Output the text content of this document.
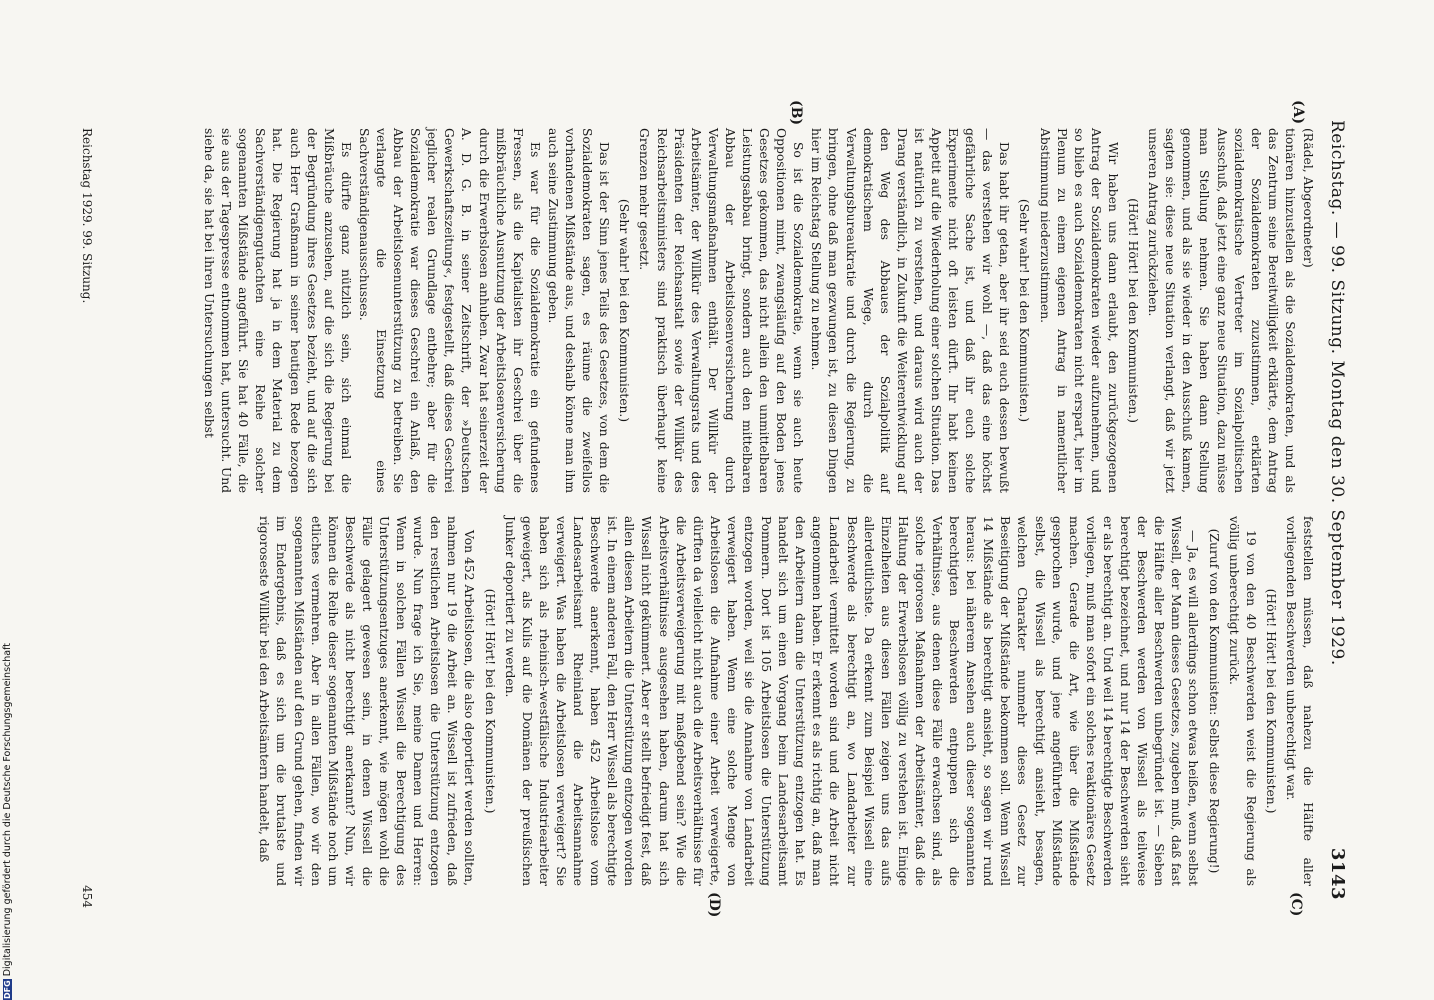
Reichstag. — 99. Sitzung. Montag den 30. September 1929.
3143
(A)
(B)
(C)
(D)

(Rädel, Abgeordneter)

tionären hinzustellen als die Sozialdemokraten, und als das Zentrum seine Bereitwilligkeit erklärte, dem Antrag der Sozialdemokraten zuzustimmen, erklärten sozialdemokratische Vertreter im Sozialpolitischen Ausschuß, daß jetzt eine ganz neue Situation, dazu müsse man Stellung nehmen. Sie haben dann Stellung genommen, und als sie wieder in den Ausschuß kamen, sagten sie: diese neue Situation verlangt, daß wir jetzt unseren Antrag zurückziehen.

(Hört! Hört! bei den Kommunisten.)

Wir haben uns dann erlaubt, den zurückgezogenen Antrag der Sozialdemokraten wieder aufzunehmen, und so blieb es auch Sozialdemokraten nicht erspart, hier im Plenum zu einem eigenen Antrag in namentlicher Abstimmung niederzustimmen.

(Sehr wahr! bei den Kommunisten.)

Das habt ihr getan, aber ihr seid euch dessen bewußt — das verstehen wir wohl —, daß das eine höchst gefährliche Sache ist, und daß ihr euch solche Experimente nicht oft leisten dürft. Ihr habt keinen Appetit auf die Wiederholung einer solchen Situation. Das ist natürlich zu verstehen, und daraus wird auch der Drang verständlich, in Zukunft die Weiterentwicklung auf den Weg des Abbaues der Sozialpolitik auf demokratischem Wege, durch die Verwaltungsbureaukratie und durch die Regierung, zu bringen, ohne daß man gezwungen ist, zu diesen Dingen hier im Reichstag Stellung zu nehmen.

So ist die Sozialdemokratie, wenn sie auch heute Oppositionen mimt, zwangsläufig auf den Boden jenes Gesetzes gekommen, das nicht allein den unmittelbaren Leistungsabbau bringt, sondern auch den mittelbaren Abbau der Arbeitslosenversicherung durch Verwaltungsmaßnahmen enthält. Der Willkür der Arbeitsämter, der Willkür des Verwaltungsrats und des Präsidenten der Reichsanstalt sowie der Willkür des Reichsarbeitsministers sind praktisch überhaupt keine Grenzen mehr gesetzt.

(Sehr wahr! bei den Kommunisten.)

Das ist der Sinn jenes Teils des Gesetzes, von dem die Sozialdemokraten sagen, es räume die zweifellos vorhandenen Mißstände aus, und deshalb könne man ihm auch seine Zustimmung geben.

Es war für die Sozialdemokratie ein gefundenes Fressen, als die Kapitalisten ihr Geschrei über die mißbräuchliche Ausnutzung der Arbeitslosenversicherung durch die Erwerbslosen anhuben. Zwar hat seinerzeit der A. D. G. B. in seiner Zeitschrift, der »Deutschen Gewerkschaftszeitung«, festgestellt, daß dieses Geschrei jeglicher realen Grundlage entbehre; aber für die Sozialdemokratie war dieses Geschrei ein Anlaß, den Abbau der Arbeitslosenunterstützung zu betreiben. Sie verlangte die Einsetzung eines Sachverständigenausschusses.

Es dürfte ganz nützlich sein, sich einmal die Mißbräuche anzusehen, auf die sich die Regierung bei der Begründung ihres Gesetzes bezieht, und auf die sich auch Herr Graßmann in seiner heutigen Rede bezogen hat. Die Regierung hat ja in dem Material zu dem Sachverständigengutachten eine Reihe solcher sogenannten Mißstände angeführt. Sie hat 40 Fälle, die sie aus der Tagespresse entnommen hat, untersucht. Und siehe da, sie hat bei ihren Untersuchungen selbst

feststellen müssen, daß nahezu die Hälfte aller vorliegenden Beschwerden unberechtigt war.

(Hört! Hört! bei den Kommunisten.)

19 von den 40 Beschwerden weist die Regierung als völlig unberechtigt zurück.

(Zuruf von den Kommunisten: Selbst diese Regierung!)

— Ja, es will allerdings schon etwas heißen, wenn selbst Wissell, der Mann dieses Gesetzes, zugeben muß, daß fast die Hälfte aller Beschwerden unbegründet ist. — Sieben der Beschwerden werden von Wissell als teilweise berechtigt bezeichnet, und nur 14 der Beschwerden sieht er als berechtigt an. Und weil 14 berechtigte Beschwerden vorliegen, muß man sofort ein solches reaktionäres Gesetz machen. Gerade die Art, wie über die Mißstände gesprochen wurde, und jene angeführten Mißstände selbst, die Wissell als berechtigt ansieht, besagen, welchen Charakter nunmehr dieses Gesetz zur Beseitigung der Mißstände bekommen soll. Wenn Wissell 14 Mißstände als berechtigt ansieht, so sagen wir rund heraus: bei näherem Ansehen auch dieser sogenannten berechtigten Beschwerden entpuppen sich die Verhältnisse, aus denen diese Fälle erwachsen sind, als solche rigorosen Maßnahmen der Arbeitsämter, daß die Haltung der Erwerbslosen völlig zu verstehen ist. Einige Einzelheiten aus diesen Fällen zeigen uns das aufs allerdeutlichste. Da erkennt zum Beispiel Wissell eine Beschwerde als berechtigt an, wo Landarbeiter zur Landarbeit vermittelt worden sind und die Arbeit nicht angenommen haben. Er erkennt es als richtig an, daß man den Arbeitern dann die Unterstützung entzogen hat. Es handelt sich um einen Vorgang beim Landesarbeitsamt Pommern. Dort ist 105 Arbeitslosen die Unterstützung entzogen worden, weil sie die Annahme von Landarbeit verweigert haben. Wenn eine solche Menge von Arbeitslosen die Aufnahme einer Arbeit verweigerte, dürften da vielleicht nicht auch die Arbeitsverhältnisse für die Arbeitsverweigerung mit maßgebend sein? Wie die Arbeitsverhältnisse ausgesehen haben, darum hat sich Wissell nicht gekümmert. Aber er stellt befriedigt fest, daß allen diesen Arbeitern die Unterstützung entzogen worden ist. In einem anderen Fall, den Herr Wissell als berechtigte Beschwerde anerkennt, haben 452 Arbeitslose vom Landesarbeitsamt Rheinland die Arbeitsannahme verweigert. Was haben die Arbeitslosen verweigert? Sie haben sich als rheinisch-westfälische Industriearbeiter geweigert, als Kulis auf die Domänen der preußischen Junker deportiert zu werden.

(Hört! Hört! bei den Kommunisten.)

Von 452 Arbeitslosen, die also deportiert werden sollten, nahmen nur 19 die Arbeit an. Wissell ist zufrieden, daß den restlichen Arbeitslosen die Unterstützung entzogen wurde. Nun frage ich Sie, meine Damen und Herren: Wenn in solchen Fällen Wissell die Berechtigung des Unterstützungsentzuges anerkennt, wie mögen wohl die Fälle gelagert gewesen sein, in denen Wissell die Beschwerde als nicht berechtigt anerkannt? Nun, wir können die Reihe dieser sogenannten Mißstände noch um etliches vermehren. Aber in allen Fällen, wo wir den sogenannten Mißständen auf den Grund gehen, finden wir im Endergebnis, daß es sich um die brutalste und rigoroseste Willkür bei den Arbeitsämtern handelt, daß

Reichstag 1929. 99. Sitzung.
454
DFG Digitalisierung gefördert durch die Deutsche Forschungsgemeinschaft
